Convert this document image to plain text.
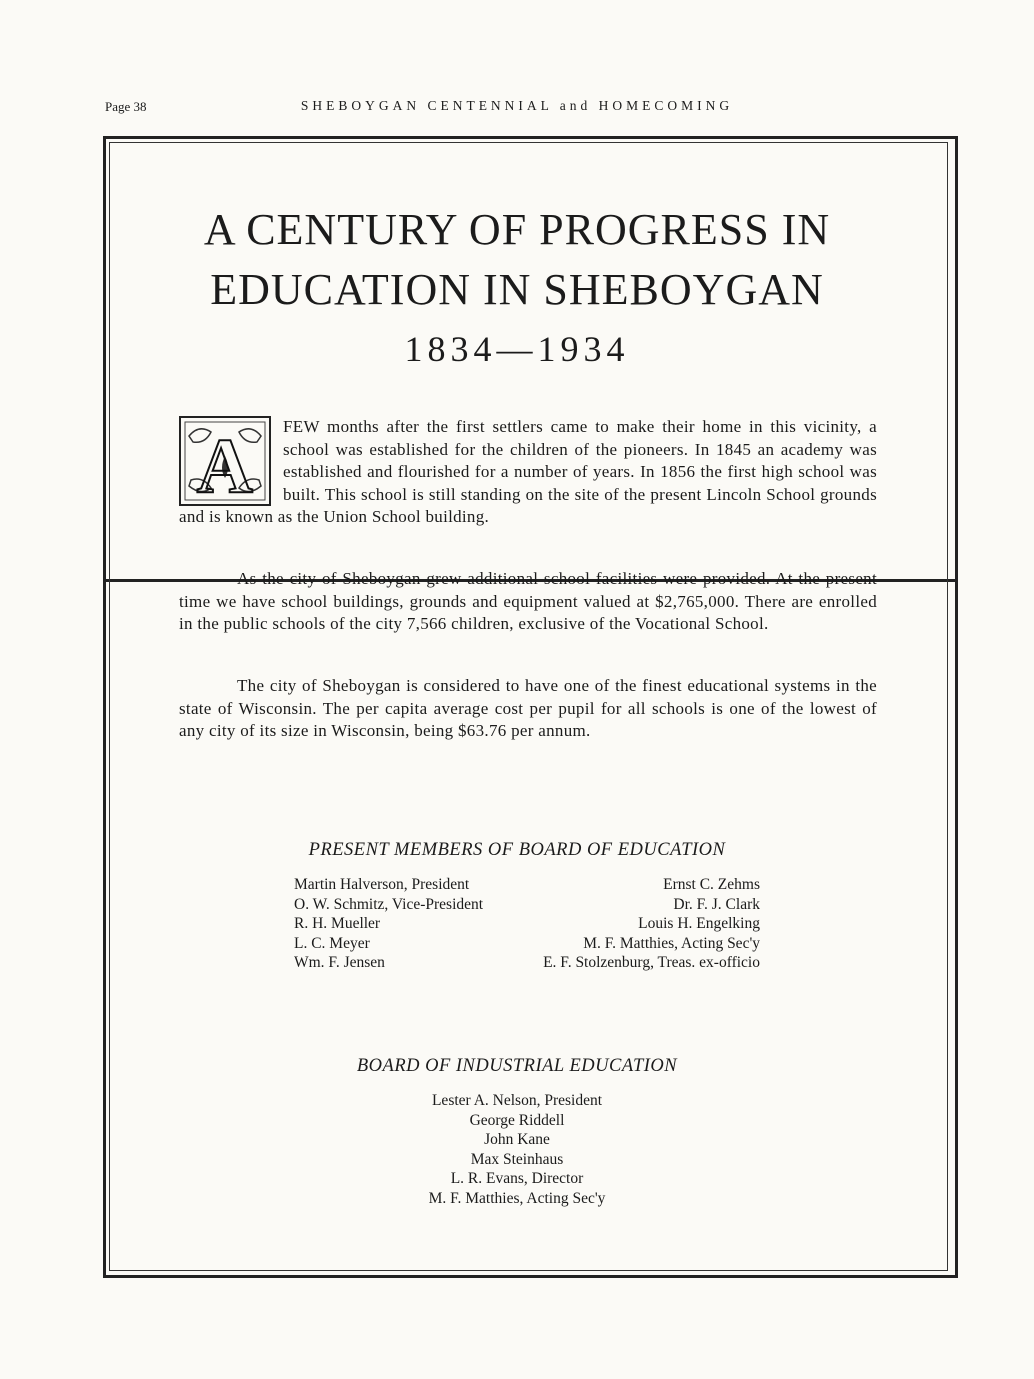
Page 38	SHEBOYGAN CENTENNIAL and HOMECOMING
A CENTURY OF PROGRESS IN
EDUCATION IN SHEBOYGAN
1834—1934
A FEW months after the first settlers came to make their home in this vicinity, a school was established for the children of the pioneers. In 1845 an academy was established and flourished for a number of years. In 1856 the first high school was built. This school is still standing on the site of the present Lincoln School grounds and is known as the Union School building.
As the city of Sheboygan grew additional school facilities were provided. At the present time we have school buildings, grounds and equipment valued at $2,765,000. There are enrolled in the public schools of the city 7,566 children, exclusive of the Vocational School.
The city of Sheboygan is considered to have one of the finest educational systems in the state of Wisconsin. The per capita average cost per pupil for all schools is one of the lowest of any city of its size in Wisconsin, being $63.76 per annum.
PRESENT MEMBERS OF BOARD OF EDUCATION
Martin Halverson, President
O. W. Schmitz, Vice-President
R. H. Mueller
L. C. Meyer
Wm. F. Jensen
Ernst C. Zehms
Dr. F. J. Clark
Louis H. Engelking
M. F. Matthies, Acting Sec'y
E. F. Stolzenburg, Treas. ex-officio
BOARD OF INDUSTRIAL EDUCATION
Lester A. Nelson, President
George Riddell
John Kane
Max Steinhaus
L. R. Evans, Director
M. F. Matthies, Acting Sec'y
